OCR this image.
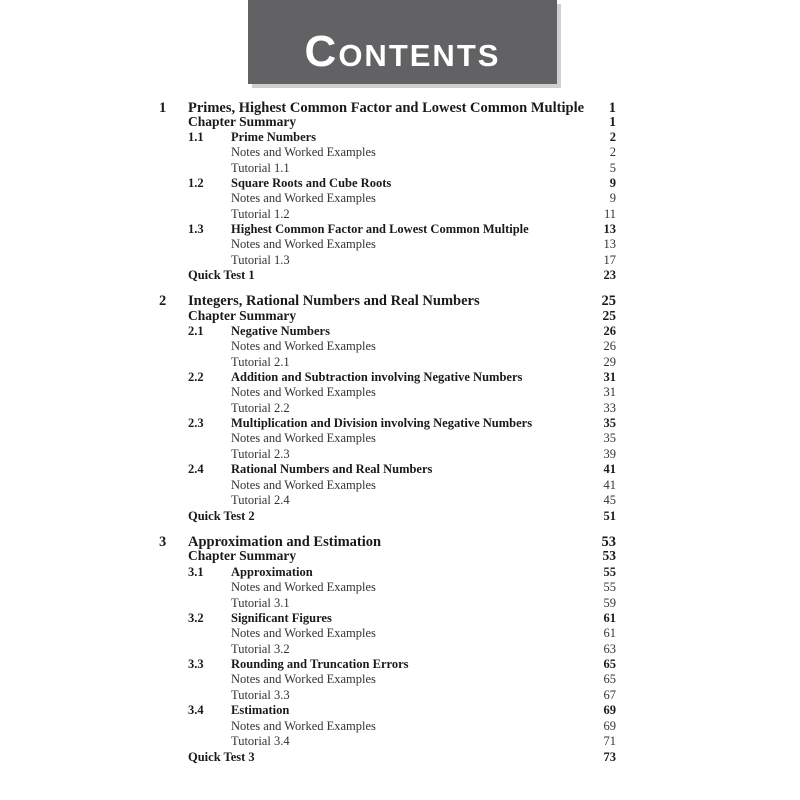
Contents
1 Primes, Highest Common Factor and Lowest Common Multiple 1
Chapter Summary	1
1.1 Prime Numbers	2
Notes and Worked Examples	2
Tutorial 1.1	5
1.2 Square Roots and Cube Roots	9
Notes and Worked Examples	9
Tutorial 1.2	11
1.3 Highest Common Factor and Lowest Common Multiple	13
Notes and Worked Examples	13
Tutorial 1.3	17
Quick Test 1	23
2 Integers, Rational Numbers and Real Numbers	25
Chapter Summary	25
2.1 Negative Numbers	26
Notes and Worked Examples	26
Tutorial 2.1	29
2.2 Addition and Subtraction involving Negative Numbers	31
Notes and Worked Examples	31
Tutorial 2.2	33
2.3 Multiplication and Division involving Negative Numbers	35
Notes and Worked Examples	35
Tutorial 2.3	39
2.4 Rational Numbers and Real Numbers	41
Notes and Worked Examples	41
Tutorial 2.4	45
Quick Test 2	51
3 Approximation and Estimation	53
Chapter Summary	53
3.1 Approximation	55
Notes and Worked Examples	55
Tutorial 3.1	59
3.2 Significant Figures	61
Notes and Worked Examples	61
Tutorial 3.2	63
3.3 Rounding and Truncation Errors	65
Notes and Worked Examples	65
Tutorial 3.3	67
3.4 Estimation	69
Notes and Worked Examples	69
Tutorial 3.4	71
Quick Test 3	73
